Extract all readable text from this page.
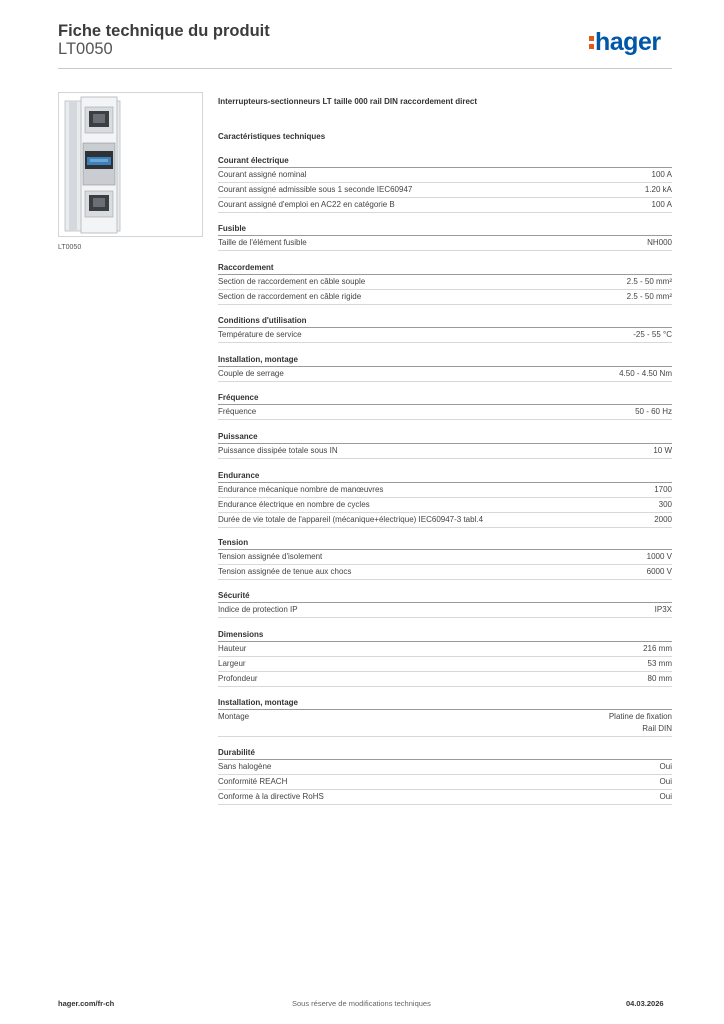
Fiche technique du produit
LT0050	hager
LT0050
Interrupteurs-sectionneurs LT taille 000 rail DIN raccordement direct
Caractéristiques techniques
Courant électrique
Courant assigné nominal	100 A
Courant assigné admissible sous 1 seconde IEC60947	1.20 kA
Courant assigné d'emploi en AC22 en catégorie B	100 A
Fusible
Taille de l'élément fusible	NH000
Raccordement
Section de raccordement en câble souple	2.5 - 50 mm²
Section de raccordement en câble rigide	2.5 - 50 mm²
Conditions d'utilisation
Température de service	-25 - 55 °C
Installation, montage
Couple de serrage	4.50 - 4.50 Nm
Fréquence
Fréquence	50 - 60 Hz
Puissance
Puissance dissipée totale sous IN	10 W
Endurance
Endurance mécanique nombre de manœuvres	1700
Endurance électrique en nombre de cycles	300
Durée de vie totale de l'appareil (mécanique+électrique) IEC60947-3 tabl.4	2000
Tension
Tension assignée d'isolement	1000 V
Tension assignée de tenue aux chocs	6000 V
Sécurité
Indice de protection IP	IP3X
Dimensions
Hauteur	216 mm
Largeur	53 mm
Profondeur	80 mm
Installation, montage
Montage	Platine de fixation
Rail DIN
Durabilité
Sans halogène	Oui
Conformité REACH	Oui
Conforme à la directive RoHS	Oui
hager.com/fr-ch	Sous réserve de modifications techniques	04.03.2026
